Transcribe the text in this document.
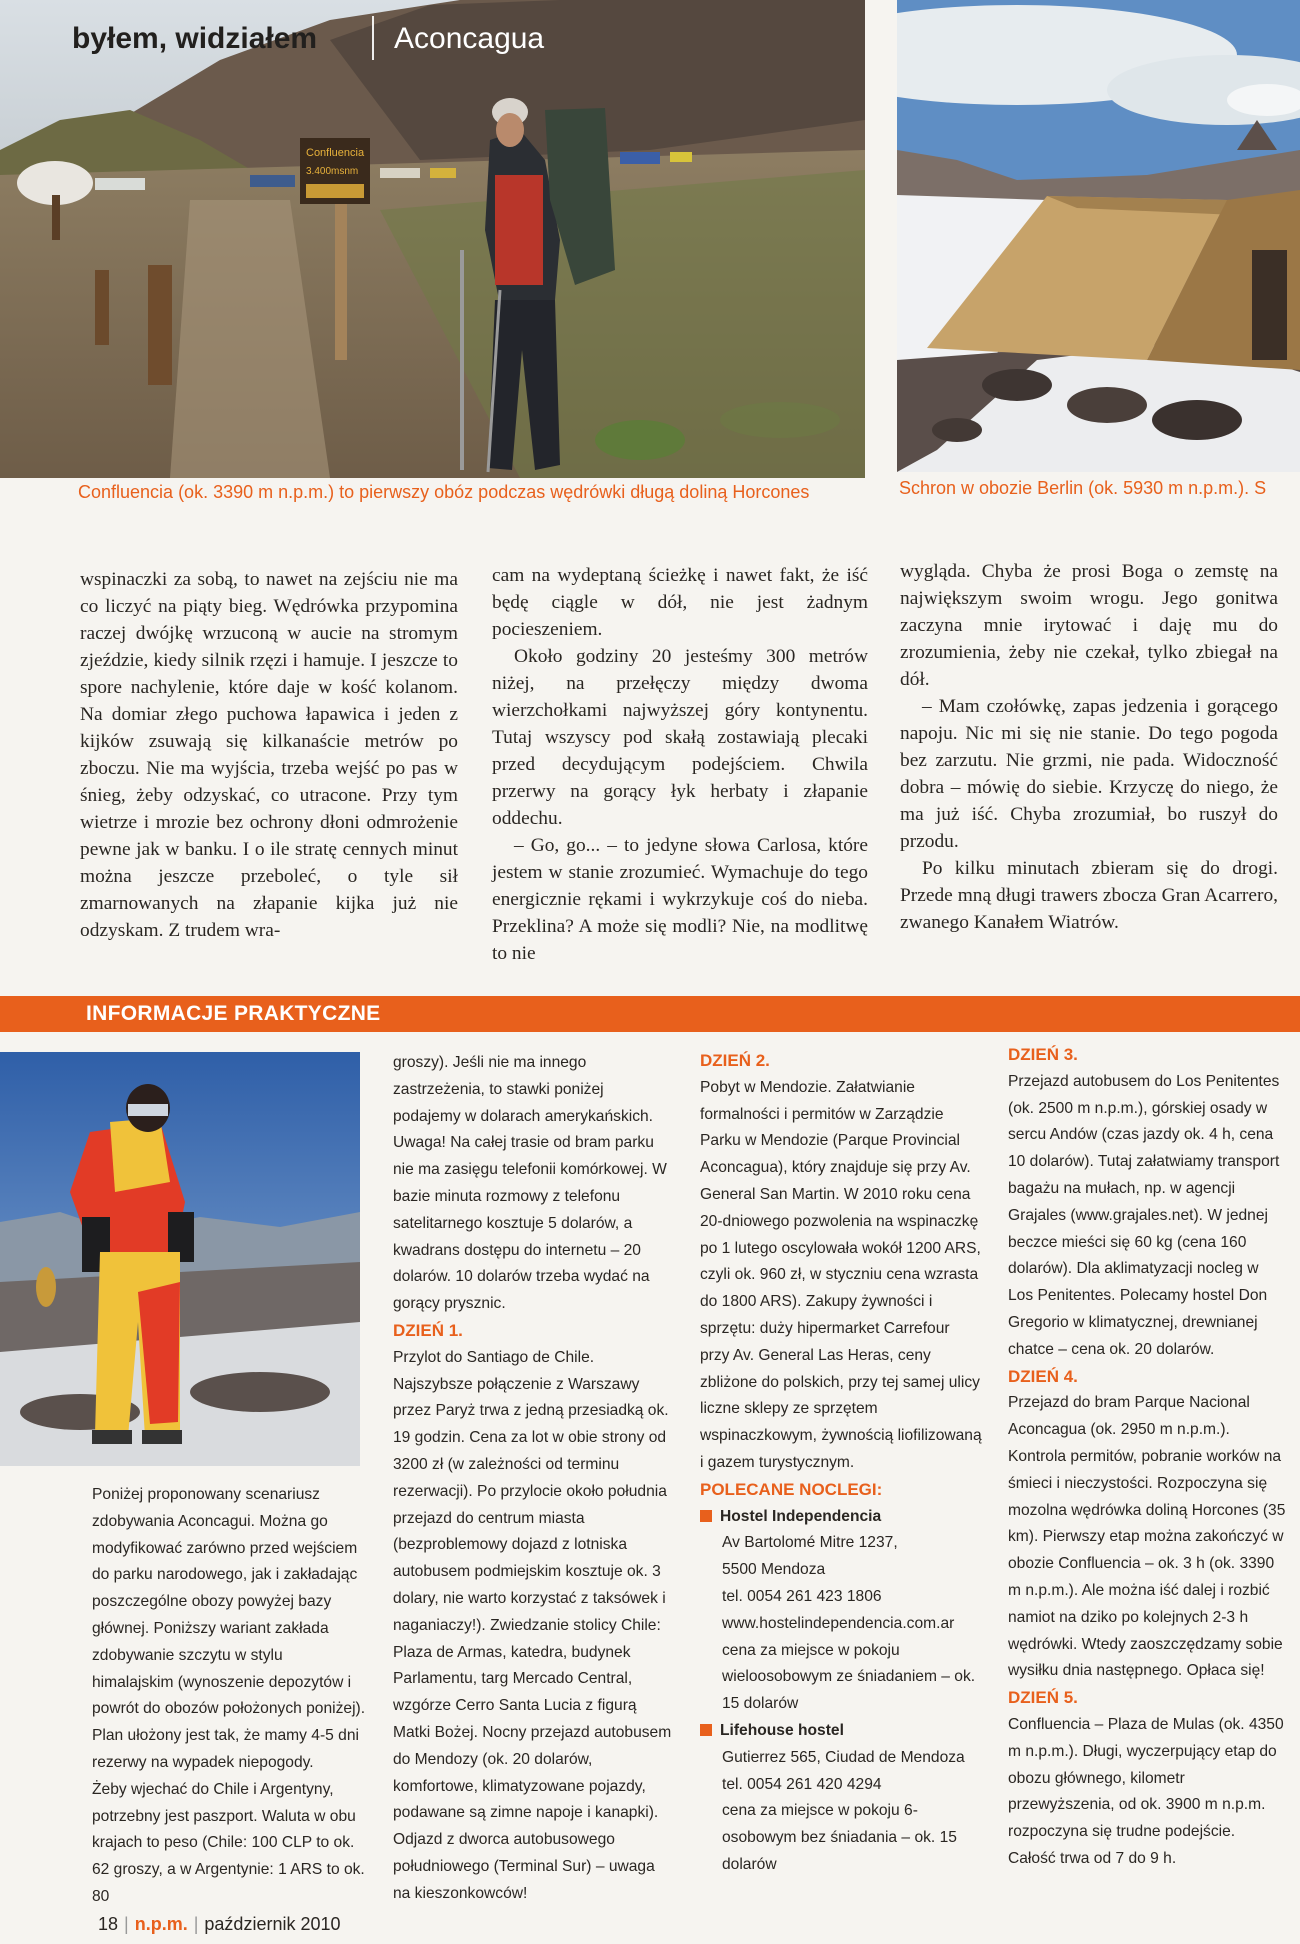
Confluencia
3.400msnm
byłem, widziałem	Aconcagua
Confluencia (ok. 3390 m n.p.m.) to pierwszy obóz podczas wędrówki długą doliną Horcones	Schron w obozie Berlin (ok. 5930 m n.p.m.). S

wspinaczki za sobą, to nawet na zejściu nie ma co liczyć na piąty bieg. Wędrówka przypomina raczej dwójkę wrzuconą w aucie na stromym zjeździe, kiedy silnik rzęzi i hamuje. I jeszcze to spore nachylenie, które daje w kość kolanom. Na domiar złego puchowa łapawica i jeden z kijków zsuwają się kilkanaście metrów po zboczu. Nie ma wyjścia, trzeba wejść po pas w śnieg, żeby odzyskać, co utracone. Przy tym wietrze i mrozie bez ochrony dłoni odmrożenie pewne jak w banku. I o ile stratę cennych minut można jeszcze przeboleć, o tyle sił zmarnowanych na złapanie kijka już nie odzyskam. Z trudem wra-

cam na wydeptaną ścieżkę i nawet fakt, że iść będę ciągle w dół, nie jest żadnym pocieszeniem.

Około godziny 20 jesteśmy 300 metrów niżej, na przełęczy między dwoma wierzchołkami najwyższej góry kontynentu. Tutaj wszyscy pod skałą zostawiają plecaki przed decydującym podejściem. Chwila przerwy na gorący łyk herbaty i złapanie oddechu.

– Go, go... – to jedyne słowa Carlosa, które jestem w stanie zrozumieć. Wymachuje do tego energicznie rękami i wykrzykuje coś do nieba. Przeklina? A może się modli? Nie, na modlitwę to nie

wygląda. Chyba że prosi Boga o zemstę na największym swoim wrogu. Jego gonitwa zaczyna mnie irytować i daję mu do zrozumienia, żeby nie czekał, tylko zbiegał na dół.

– Mam czołówkę, zapas jedzenia i gorącego napoju. Nic mi się nie stanie. Do tego pogoda bez zarzutu. Nie grzmi, nie pada. Widoczność dobra – mówię do siebie. Krzyczę do niego, że ma już iść. Chyba zrozumiał, bo ruszył do przodu.

Po kilku minutach zbieram się do drogi. Przede mną długi trawers zbocza Gran Acarrero, zwanego Kanałem Wiatrów.

INFORMACJE PRAKTYCZNE

Poniżej proponowany scenariusz zdobywania Aconcagui. Można go modyfikować zarówno przed wejściem do parku narodowego, jak i zakładając poszczególne obozy powyżej bazy głównej. Poniższy wariant zakłada zdobywanie szczytu w stylu himalajskim (wynoszenie depozytów i powrót do obozów położonych poniżej). Plan ułożony jest tak, że mamy 4-5 dni rezerwy na wypadek niepogody.

Żeby wjechać do Chile i Argentyny, potrzebny jest paszport. Waluta w obu krajach to peso (Chile: 100 CLP to ok. 62 groszy, a w Argentynie: 1 ARS to ok. 80

groszy). Jeśli nie ma innego zastrzeżenia, to stawki poniżej podajemy w dolarach amerykańskich.

Uwaga! Na całej trasie od bram parku nie ma zasięgu telefonii komórkowej. W bazie minuta rozmowy z telefonu satelitarnego kosztuje 5 dolarów, a kwadrans dostępu do internetu – 20 dolarów. 10 dolarów trzeba wydać na gorący prysznic.

DZIEŃ 1.

Przylot do Santiago de Chile. Najszybsze połączenie z Warszawy przez Paryż trwa z jedną przesiadką ok. 19 godzin. Cena za lot w obie strony od 3200 zł (w zależności od terminu rezerwacji). Po przylocie około południa przejazd do centrum miasta (bezproblemowy dojazd z lotniska autobusem podmiejskim kosztuje ok. 3 dolary, nie warto korzystać z taksówek i naganiaczy!). Zwiedzanie stolicy Chile: Plaza de Armas, katedra, budynek Parlamentu, targ Mercado Central, wzgórze Cerro Santa Lucia z figurą Matki Bożej. Nocny przejazd autobusem do Mendozy (ok. 20 dolarów, komfortowe, klimatyzowane pojazdy, podawane są zimne napoje i kanapki). Odjazd z dworca autobusowego południowego (Terminal Sur) – uwaga na kieszonkowców!

DZIEŃ 2.

Pobyt w Mendozie. Załatwianie formalności i permitów w Zarządzie Parku w Mendozie (Parque Provincial Aconcagua), który znajduje się przy Av. General San Martin. W 2010 roku cena 20-dniowego pozwolenia na wspinaczkę po 1 lutego oscylowała wokół 1200 ARS, czyli ok. 960 zł, w styczniu cena wzrasta do 1800 ARS). Zakupy żywności i sprzętu: duży hipermarket Carrefour przy Av. General Las Heras, ceny zbliżone do polskich, przy tej samej ulicy liczne sklepy ze sprzętem wspinaczkowym, żywnością liofilizowaną i gazem turystycznym.

POLECANE NOCLEGI:

Hostel Independencia

Av Bartolomé Mitre 1237,

5500 Mendoza

tel. 0054 261 423 1806

www.hostelindependencia.com.ar

cena za miejsce w pokoju wieloosobowym ze śniadaniem – ok. 15 dolarów

Lifehouse hostel

Gutierrez 565, Ciudad de Mendoza

tel. 0054 261 420 4294

cena za miejsce w pokoju 6-osobowym bez śniadania – ok. 15 dolarów

DZIEŃ 3.

Przejazd autobusem do Los Penitentes (ok. 2500 m n.p.m.), górskiej osady w sercu Andów (czas jazdy ok. 4 h, cena 10 dolarów). Tutaj załatwiamy transport bagażu na mułach, np. w agencji Grajales (www.grajales.net). W jednej beczce mieści się 60 kg (cena 160 dolarów). Dla aklimatyzacji nocleg w Los Penitentes. Polecamy hostel Don Gregorio w klimatycznej, drewnianej chatce – cena ok. 20 dolarów.

DZIEŃ 4.

Przejazd do bram Parque Nacional Aconcagua (ok. 2950 m n.p.m.). Kontrola permitów, pobranie worków na śmieci i nieczystości. Rozpoczyna się mozolna wędrówka doliną Horcones (35 km). Pierwszy etap można zakończyć w obozie Confluencia – ok. 3 h (ok. 3390 m n.p.m.). Ale można iść dalej i rozbić namiot na dziko po kolejnych 2-3 h wędrówki. Wtedy zaoszczędzamy sobie wysiłku dnia następnego. Opłaca się!

DZIEŃ 5.

Confluencia – Plaza de Mulas (ok. 4350 m n.p.m.). Długi, wyczerpujący etap do obozu głównego, kilometr przewyższenia, od ok. 3900 m n.p.m. rozpoczyna się trudne podejście. Całość trwa od 7 do 9 h.

18 | n.p.m. | październik 2010
